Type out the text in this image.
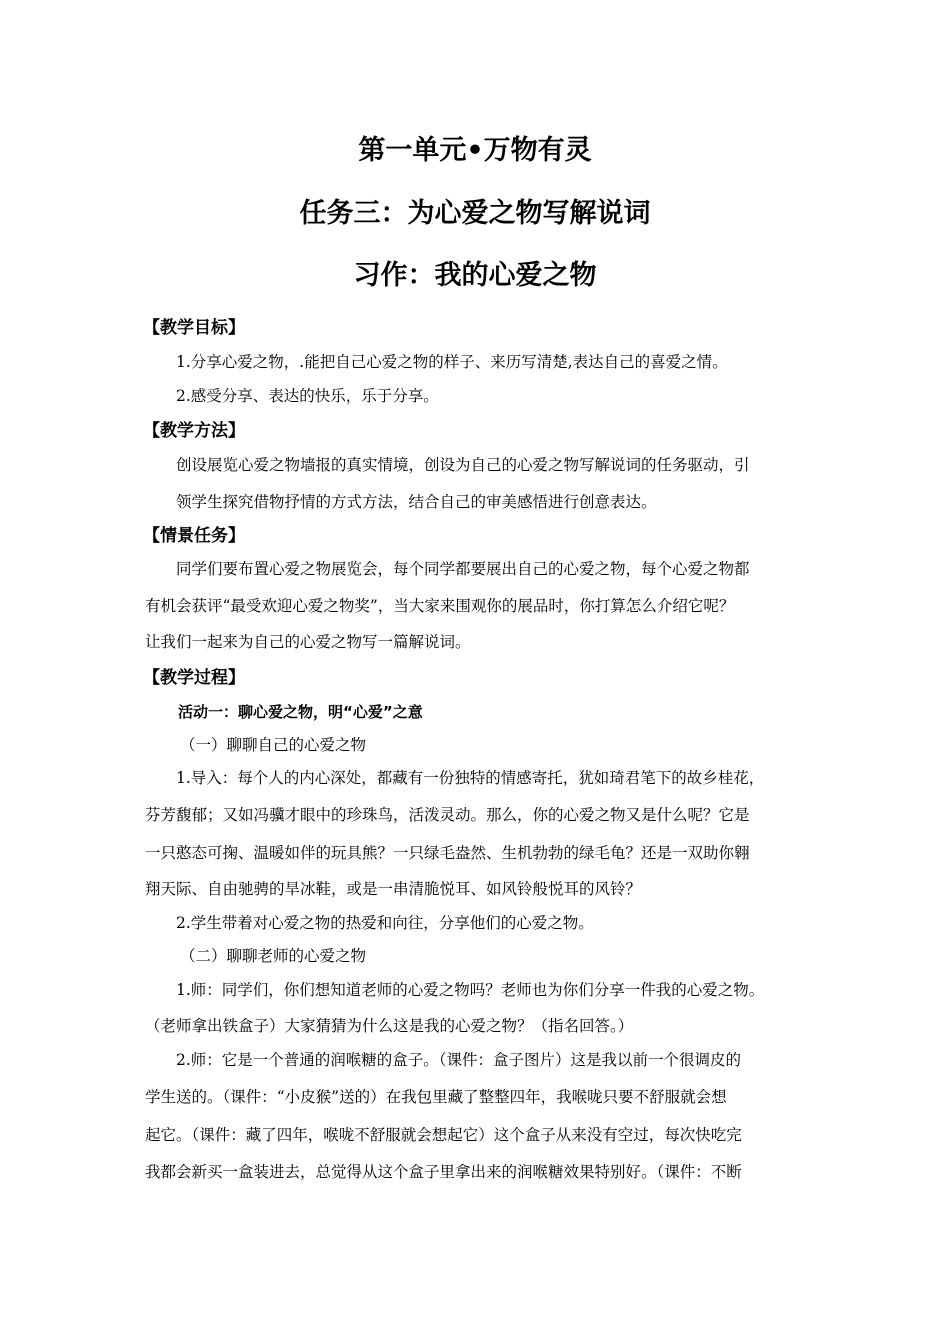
第一单元•万物有灵
任务三：为心爱之物写解说词
习作：我的心爱之物
【教学目标】
1.分享心爱之物，.能把自己心爱之物的样子、来历写清楚,表达自己的喜爱之情。
2.感受分享、表达的快乐，乐于分享。
【教学方法】
创设展览心爱之物墙报的真实情境，创设为自己的心爱之物写解说词的任务驱动，引
领学生探究借物抒情的方式方法，结合自己的审美感悟进行创意表达。
【情景任务】
同学们要布置心爱之物展览会，每个同学都要展出自己的心爱之物，每个心爱之物都
有机会获评“最受欢迎心爱之物奖”，当大家来围观你的展品时，你打算怎么介绍它呢？
让我们一起来为自己的心爱之物写一篇解说词。
【教学过程】
活动一：聊心爱之物，明“心爱”之意
（一）聊聊自己的心爱之物
1.导入：每个人的内心深处，都藏有一份独特的情感寄托，犹如琦君笔下的故乡桂花，
芬芳馥郁；又如冯骥才眼中的珍珠鸟，活泼灵动。那么，你的心爱之物又是什么呢？它是
一只憨态可掬、温暖如伴的玩具熊？一只绿毛盎然、生机勃勃的绿毛龟？还是一双助你翱
翔天际、自由驰骋的旱冰鞋，或是一串清脆悦耳、如风铃般悦耳的风铃？
2.学生带着对心爱之物的热爱和向往，分享他们的心爱之物。
（二）聊聊老师的心爱之物
1.师：同学们，你们想知道老师的心爱之物吗？老师也为你们分享一件我的心爱之物。
（老师拿出铁盒子）大家猜猜为什么这是我的心爱之物？（指名回答。）
2.师：它是一个普通的润喉糖的盒子。（课件：盒子图片）这是我以前一个很调皮的
学生送的。（课件：“小皮猴”送的）在我包里藏了整整四年，我喉咙只要不舒服就会想
起它。（课件：藏了四年，喉咙不舒服就会想起它）这个盒子从来没有空过，每次快吃完
我都会新买一盒装进去，总觉得从这个盒子里拿出来的润喉糖效果特别好。（课件：不断
